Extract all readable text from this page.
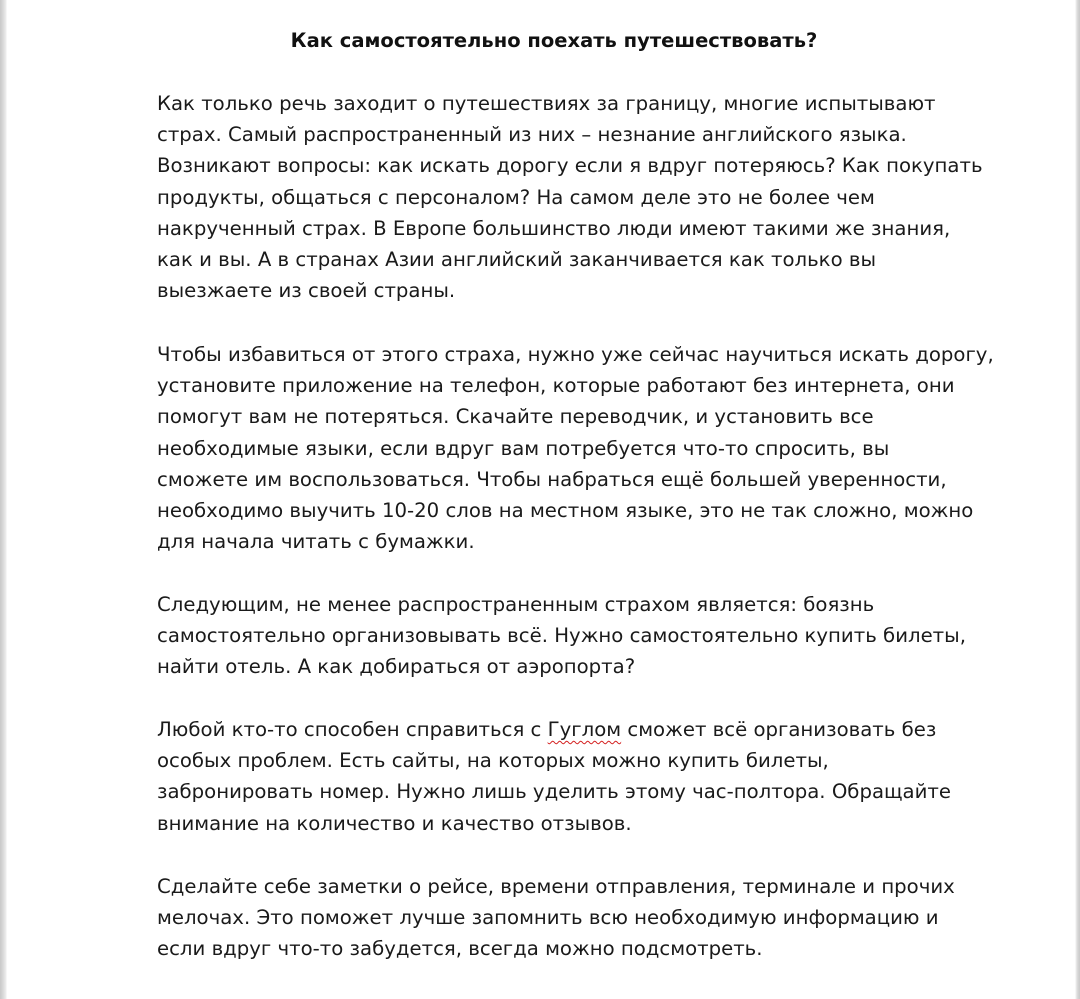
Как самостоятельно поехать путешествовать?

Как только речь заходит о путешествиях за границу, многие испытывают
страх. Самый распространенный из них – незнание английского языка.
Возникают вопросы: как искать дорогу если я вдруг потеряюсь? Как покупать
продукты, общаться с персоналом? На самом деле это не более чем
накрученный страх. В Европе большинство люди имеют такими же знания,
как и вы. А в странах Азии английский заканчивается как только вы
выезжаете из своей страны.

Чтобы избавиться от этого страха, нужно уже сейчас научиться искать дорогу,
установите приложение на телефон, которые работают без интернета, они
помогут вам не потеряться. Скачайте переводчик, и установить все
необходимые языки, если вдруг вам потребуется что-то спросить, вы
сможете им воспользоваться. Чтобы набраться ещё большей уверенности,
необходимо выучить 10-20 слов на местном языке, это не так сложно, можно
для начала читать с бумажки.

Следующим, не менее распространенным страхом является: боязнь
самостоятельно организовывать всё. Нужно самостоятельно купить билеты,
найти отель. А как добираться от аэропорта?

Любой кто-то способен справиться с Гуглом сможет всё организовать без
особых проблем. Есть сайты, на которых можно купить билеты,
забронировать номер. Нужно лишь уделить этому час-полтора. Обращайте
внимание на количество и качество отзывов.

Сделайте себе заметки о рейсе, времени отправления, терминале и прочих
мелочах. Это поможет лучше запомнить всю необходимую информацию и
если вдруг что-то забудется, всегда можно подсмотреть.
